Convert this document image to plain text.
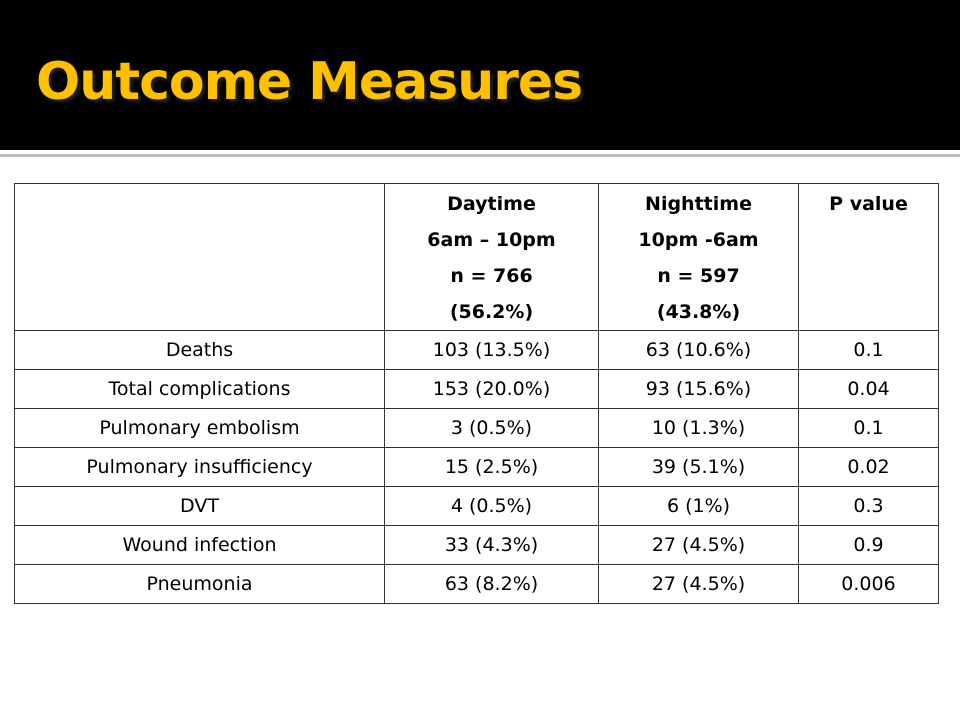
Outcome Measures

	Daytime
6am – 10pm
n = 766
(56.2%)	Nighttime
10pm -6am
n = 597
(43.8%)	P value

Deaths	103 (13.5%)	63 (10.6%)	0.1
Total complications	153 (20.0%)	93 (15.6%)	0.04
Pulmonary embolism	3 (0.5%)	10 (1.3%)	0.1
Pulmonary insufficiency	15 (2.5%)	39 (5.1%)	0.02
DVT	4 (0.5%)	6 (1%)	0.3
Wound infection	33 (4.3%)	27 (4.5%)	0.9
Pneumonia	63 (8.2%)	27 (4.5%)	0.006
